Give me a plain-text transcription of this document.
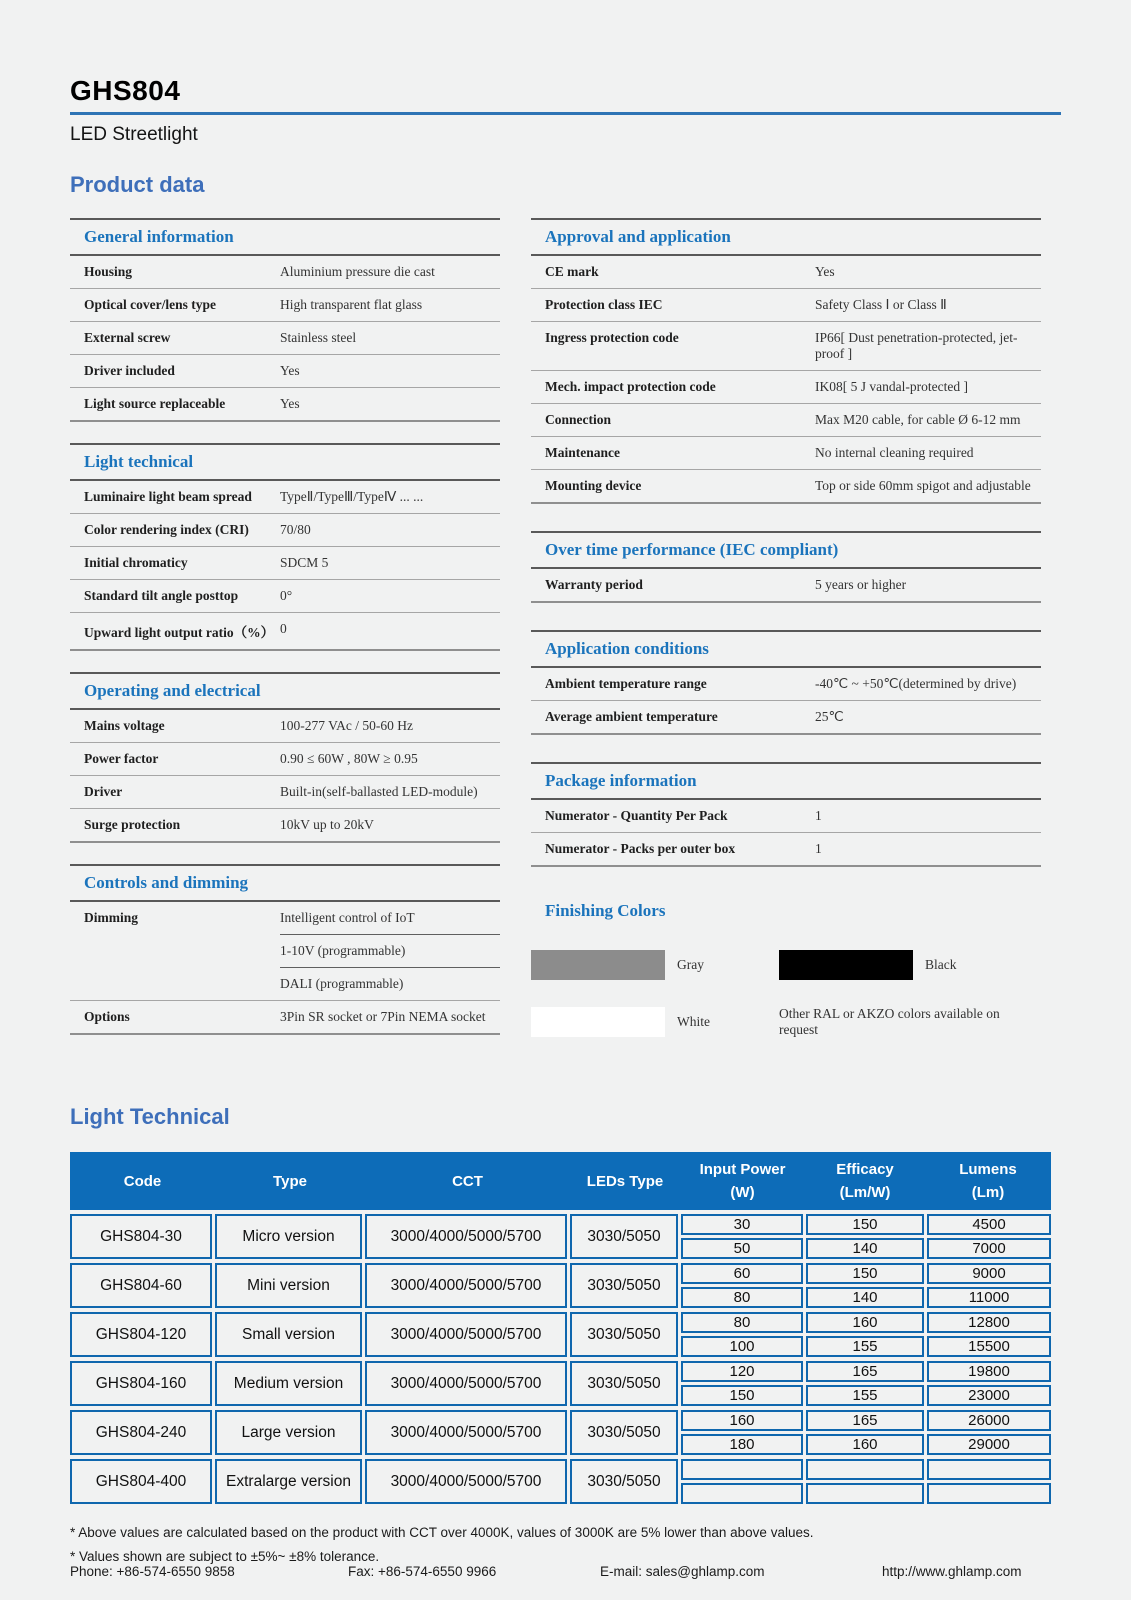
GHS804
LED Streetlight
Product data
General information
Housing	Aluminium pressure die cast
Optical cover/lens type	High transparent flat glass
External screw	Stainless steel
Driver included	Yes
Light source replaceable	Yes
Light technical
Luminaire light beam spread	TypeⅡ/TypeⅢ/TypeⅣ ... ...
Color rendering index (CRI)	70/80
Initial chromaticy	SDCM 5
Standard tilt angle posttop	0°
Upward light output ratio（%） 0
Operating and electrical
Mains voltage	100-277 VAc / 50-60 Hz
Power factor	0.90 ≤ 60W , 80W ≥ 0.95
Driver	Built-in(self-ballasted LED-module)
Surge protection	10kV up to 20kV
Controls and dimming
Dimming	Intelligent control of IoT
1-10V (programmable)
DALI (programmable)
Options	3Pin SR socket or 7Pin NEMA socket
Approval and application
CE mark	Yes
Protection class IEC	Safety Class Ⅰ or Class Ⅱ
Ingress protection code	IP66[ Dust penetration-protected, jet-proof ]
Mech. impact protection code	IK08[ 5 J vandal-protected ]
Connection	Max M20 cable, for cable Ø 6-12 mm
Maintenance	No internal cleaning required
Mounting device	Top or side 60mm spigot and adjustable
Over time performance (IEC compliant)
Warranty period	5 years or higher
Application conditions
Ambient temperature range	-40℃ ~ +50℃(determined by drive)
Average ambient temperature	25℃
Package information
Numerator - Quantity Per Pack	1
Numerator - Packs per outer box	1
Finishing Colors
Gray	Black
White
Other RAL or AKZO colors available on request
Light Technical
Code	Type	CCT	LEDs Type
Input Power
(W)
Efficacy
(Lm/W)
Lumens
(Lm)
GHS804-30	Micro version	3000/4000/5000/5700	3030/5050
30	150	4500
50	140	7000
GHS804-60	Mini version	3000/4000/5000/5700	3030/5050
60	150	9000
80	140	11000
GHS804-120	Small version	3000/4000/5000/5700	3030/5050
80	160	12800
100	155	15500
GHS804-160	Medium version	3000/4000/5000/5700	3030/5050
120	165	19800
150	155	23000
GHS804-240	Large version	3000/4000/5000/5700	3030/5050
160	165	26000
180	160	29000
GHS804-400	Extralarge version	3000/4000/5000/5700	3030/5050
* Above values are calculated based on the product with CCT over 4000K, values of 3000K are 5% lower than above values.
* Values shown are subject to ±5%~ ±8% tolerance.
Phone: +86-574-6550 9858	Fax: +86-574-6550 9966	E-mail: sales@ghlamp.com	http://www.ghlamp.com
